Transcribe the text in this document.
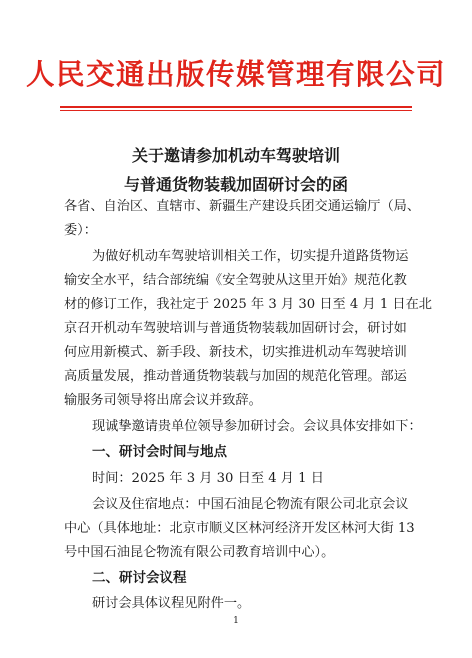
人民交通出版传媒管理有限公司
关于邀请参加机动车驾驶培训
与普通货物装载加固研讨会的函
各省、自治区、直辖市、新疆生产建设兵团交通运输厅（局、
委）：
为做好机动车驾驶培训相关工作，切实提升道路货物运
输安全水平，结合部统编《安全驾驶从这里开始》规范化教
材的修订工作，我社定于 2025 年 3 月 30 日至 4 月 1 日在北
京召开机动车驾驶培训与普通货物装载加固研讨会，研讨如
何应用新模式、新手段、新技术，切实推进机动车驾驶培训
高质量发展，推动普通货物装载与加固的规范化管理。部运
输服务司领导将出席会议并致辞。
现诚挚邀请贵单位领导参加研讨会。会议具体安排如下：
一、研讨会时间与地点
时间：2025 年 3 月 30 日至 4 月 1 日
会议及住宿地点：中国石油昆仑物流有限公司北京会议
中心（具体地址：北京市顺义区林河经济开发区林河大街 13
号中国石油昆仑物流有限公司教育培训中心）。
1
二、研讨会议程
研讨会具体议程见附件一。
